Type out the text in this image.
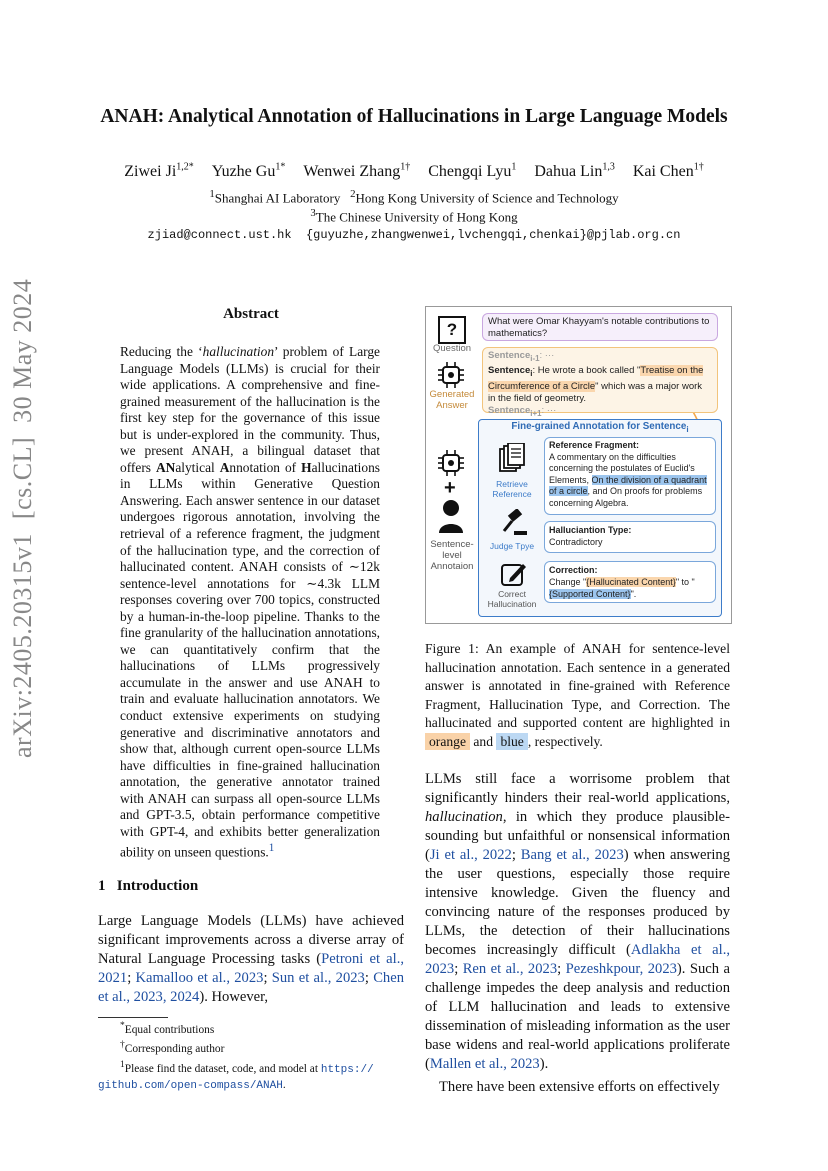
ANAH: Analytical Annotation of Hallucinations in Large Language Models
Ziwei $Ji^{1,2*}$ Yuzhe $Gu^{1*}$ Wenwei Zhang$^{1\dagger}$ Chengqi Lyu$^1$ Dahua Lin$^{1,3}$ Kai Chen$^{1\dagger}$
$^1$Shanghai AI Laboratory $^2$Hong Kong University of Science and Technology
$^3$The Chinese University of Hong Kong
zjiad@connect.ust.hk  {guyuzhe,zhangwenwei,lvchengqi,chenkai}@pjlab.org.cn
arXiv:2405.20315v1  [cs.CL]  30 May 2024	Abstract
Reducing the ‘hallucination’ problem of Large Language Models (LLMs) is crucial for their wide applications. A comprehensive and fine-grained measurement of the hallucination is the first key step for the governance of this issue but is under-explored in the community. Thus, we present ANAH, a bilingual dataset that offers ANalytical Annotation of Hallucinations in LLMs within Generative Question Answering. Each answer sentence in our dataset undergoes rigorous annotation, involving the retrieval of a reference fragment, the judgment of the hallucination type, and the correction of hallucinated content. ANAH consists of ∼12k sentence-level annotations for ∼4.3k LLM responses covering over 700 topics, constructed by a human-in-the-loop pipeline. Thanks to the fine granularity of the hallucination annotations, we can quantitatively confirm that the hallucinations of LLMs progressively accumulate in the answer and use ANAH to train and evaluate hallucination annotators. We conduct extensive experiments on studying generative and discriminative annotators and show that, although current open-source LLMs have difficulties in fine-grained hallucination annotation, the generative annotator trained with ANAH can surpass all open-source LLMs and GPT-3.5, obtain performance competitive with GPT-4, and exhibits better generalization ability on unseen questions.$^1$
1 Introduction
Large Language Models (LLMs) have achieved significant improvements across a diverse array of Natural Language Processing tasks (Petroni et al., 2021; Kamalloo et al., 2023; Sun et al., 2023; Chen et al., 2023, 2024). However,
*Equal contributions
†Corresponding author
$^1$Please find the dataset, code, and model at https://
github.com/open-compass/ANAH.
?
Question
What were Omar Khayyam's notable contributions to mathematics?
Generated Answer
Sentence$_{i-1}$: ···
Sentence$_i$: He wrote a book called "Treatise on the Circumference of a Circle" which was a major work in the field of geometry.
Sentence$_{i+1}$: ···
Fine-grained Annotation for Sentence$_i$
+
Sentence-level Annotaion
Retrieve Reference
Judge Tpye
Correct Hallucination
Reference Fragment:
A commentary on the difficulties concerning the postulates of Euclid's Elements, On the division of a quadrant of a circle, and On proofs for problems concerning Algebra.
Halluciantion Type:
Contradictory
Correction:
Change "{Hallucinated Content}" to "
{Supported Content}".
Figure 1: An example of ANAH for sentence-level hallucination annotation. Each sentence in a generated answer is annotated in fine-grained with Reference Fragment, Hallucination Type, and Correction. The hallucinated and supported content are highlighted in orange and blue , respectively.
LLMs still face a worrisome problem that significantly hinders their real-world applications, hallucination, in which they produce plausible-sounding but unfaithful or nonsensical information (Ji et al., 2022; Bang et al., 2023) when answering the user questions, especially those require intensive knowledge. Given the fluency and convincing nature of the responses produced by LLMs, the detection of their hallucinations becomes increasingly difficult (Adlakha et al., 2023; Ren et al., 2023; Pezeshkpour, 2023). Such a challenge impedes the deep analysis and reduction of LLM hallucination and leads to extensive dissemination of misleading information as the user base widens and real-world applications proliferate (Mallen et al., 2023).
There have been extensive efforts on effectively
